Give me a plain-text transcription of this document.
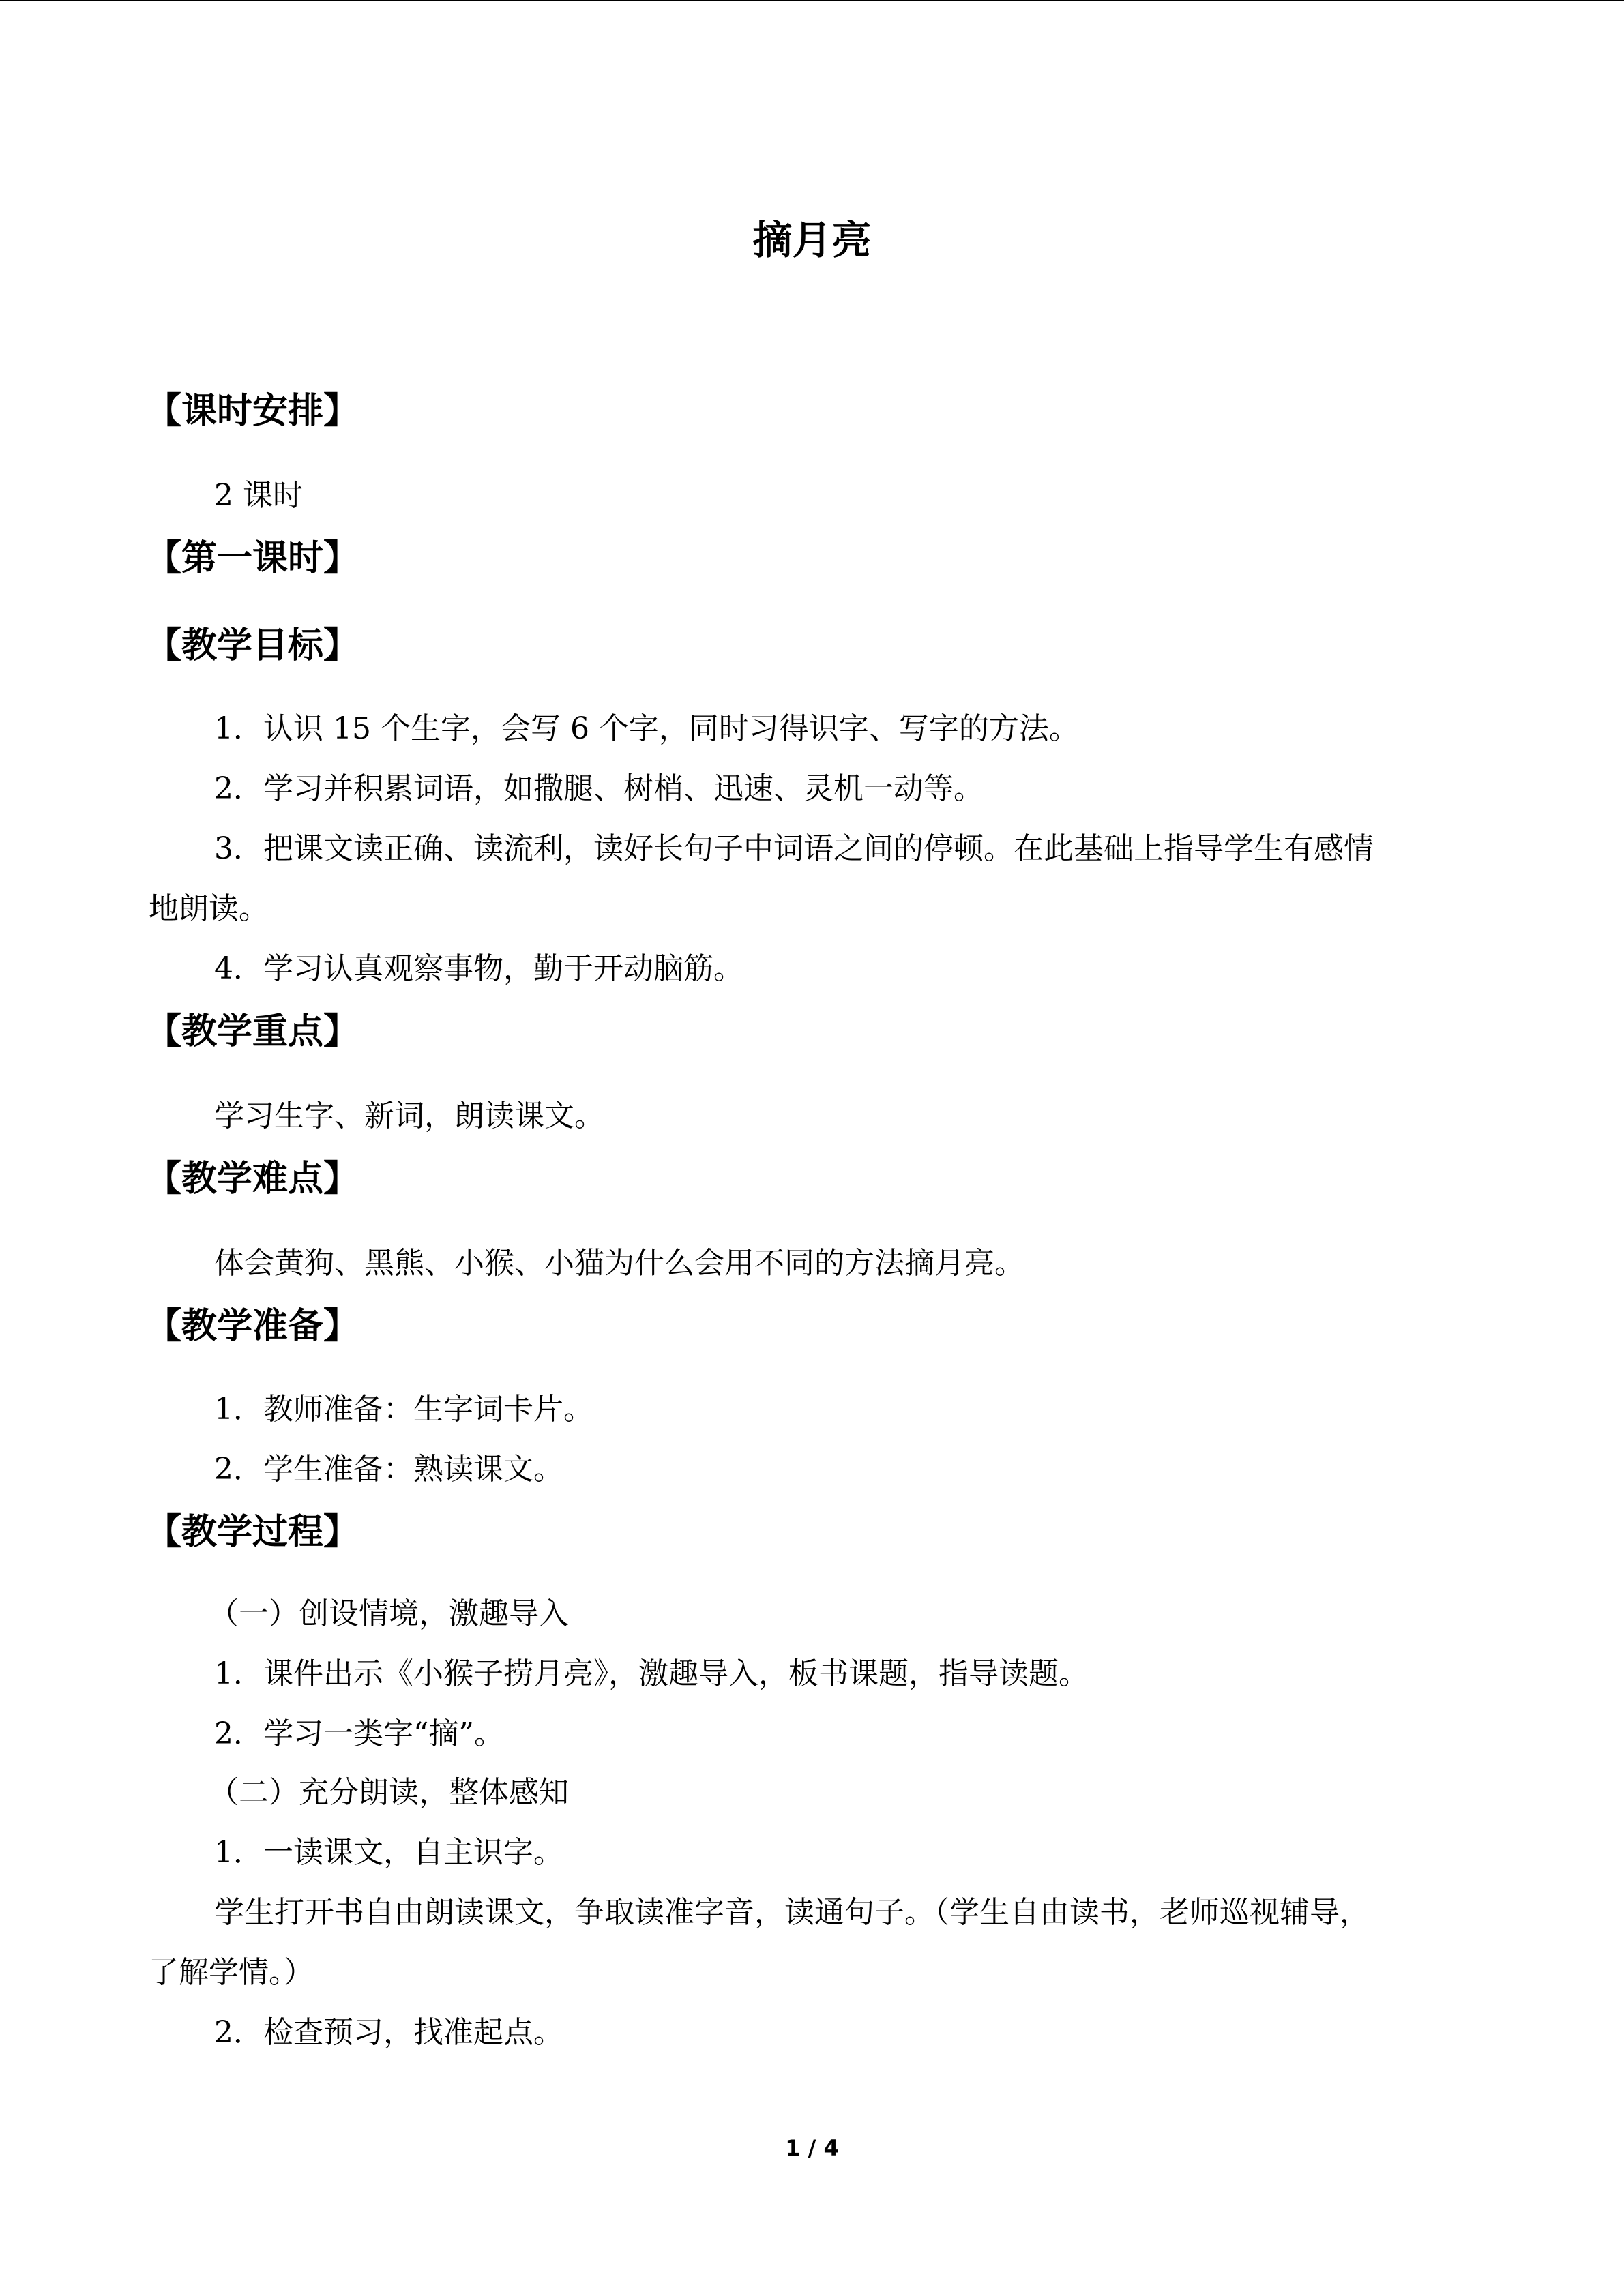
摘月亮
【课时安排】
2 课时
【第一课时】
【教学目标】
1．认识 15 个生字，会写 6 个字，同时习得识字、写字的方法。
2．学习并积累词语，如撒腿、树梢、迅速、灵机一动等。
3．把课文读正确、读流利，读好长句子中词语之间的停顿。在此基础上指导学生有感情
地朗读。
4．学习认真观察事物，勤于开动脑筋。
【教学重点】
学习生字、新词，朗读课文。
【教学难点】
体会黄狗、黑熊、小猴、小猫为什么会用不同的方法摘月亮。
【教学准备】
1．教师准备：生字词卡片。
2．学生准备：熟读课文。
【教学过程】
（一）创设情境，激趣导入
1．课件出示《小猴子捞月亮》，激趣导入，板书课题，指导读题。
2．学习一类字“摘”。
（二）充分朗读，整体感知
1．一读课文，自主识字。
学生打开书自由朗读课文，争取读准字音，读通句子。（学生自由读书，老师巡视辅导，
了解学情。）
2．检查预习，找准起点。
1 / 4
